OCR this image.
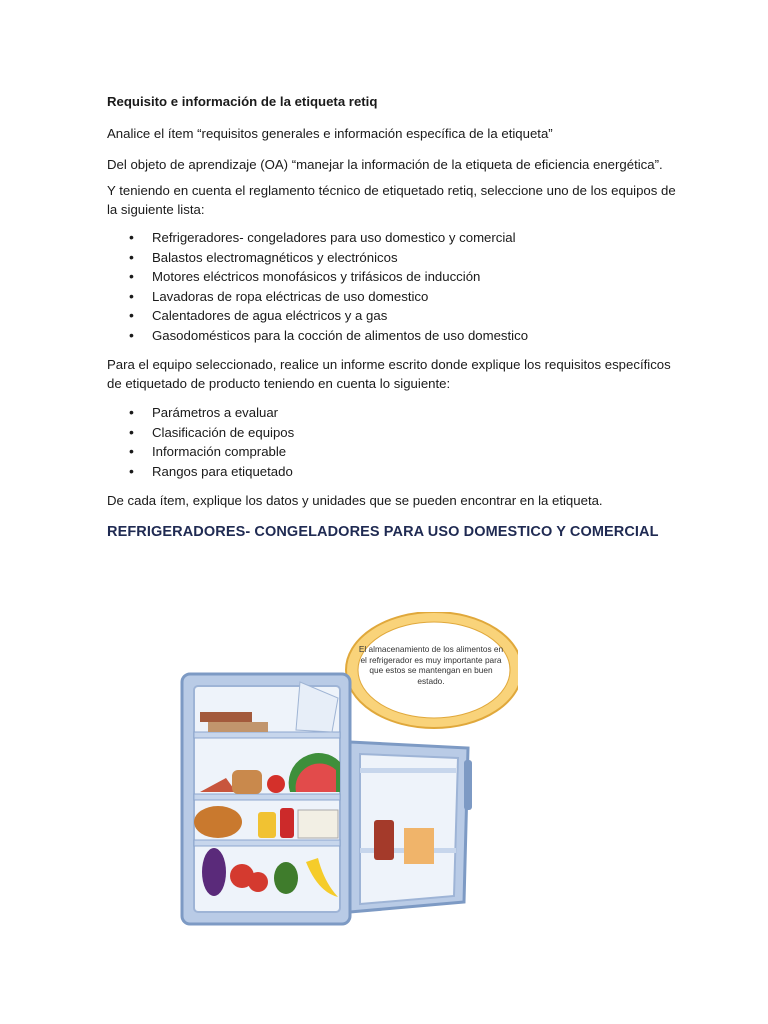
Requisito e información de la etiqueta retiq
Analice el ítem “requisitos generales e información específica de la etiqueta”
Del objeto de aprendizaje (OA) “manejar la información de la etiqueta de eficiencia energética”.
Y teniendo en cuenta el reglamento técnico de etiquetado retiq, seleccione uno de los equipos de
la siguiente lista:
• Refrigeradores- congeladores para uso domestico y comercial
• Balastos electromagnéticos y electrónicos
• Motores eléctricos monofásicos y trifásicos de inducción
• Lavadoras de ropa eléctricas de uso domestico
• Calentadores de agua eléctricos y a gas
• Gasodomésticos para la cocción de alimentos de uso domestico
Para el equipo seleccionado, realice un informe escrito donde explique los requisitos específicos
de etiquetado de producto teniendo en cuenta lo siguiente:
• Parámetros a evaluar
• Clasificación de equipos
• Información comprable
• Rangos para etiquetado
De cada ítem, explique los datos y unidades que se pueden encontrar en la etiqueta.
REFRIGERADORES- CONGELADORES PARA USO DOMESTICO Y COMERCIAL
El almacenamiento de los alimentos en el refrigerador es muy importante para que estos se mantengan en buen estado.
